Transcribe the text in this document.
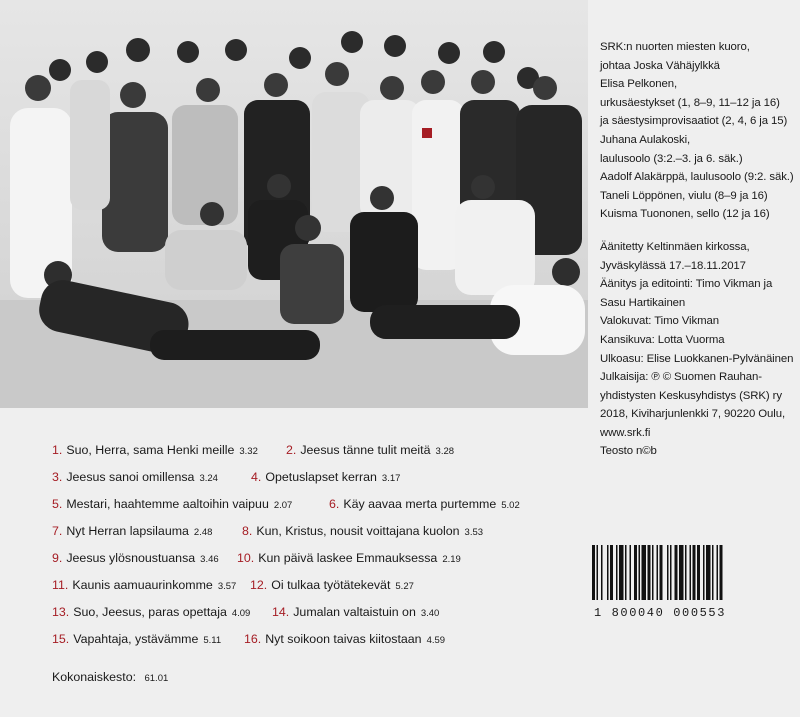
SRK:n nuorten miesten kuoro,
johtaa Joska Vähäjylkkä
Elisa Pelkonen,
urkusäestykset (1, 8–9, 11–12 ja 16)
ja säestysimprovisaatiot (2, 4, 6 ja 15)
Juhana Aulakoski,
laulusoolo (3:2.–3. ja 6. säk.)
Aadolf Alakärppä, laulusoolo (9:2. säk.)
Taneli Löppönen, viulu (8–9 ja 16)
Kuisma Tuononen, sello (12 ja 16)
Äänitetty Keltinmäen kirkossa,
Jyväskylässä 17.–18.11.2017
Äänitys ja editointi: Timo Vikman ja
Sasu Hartikainen
Valokuvat: Timo Vikman
Kansikuva: Lotta Vuorma
Ulkoasu: Elise Luokkanen-Pylvänäinen
Julkaisija: ℗ © Suomen Rauhan-
yhdistysten Keskusyhdistys (SRK) ry
2018, Kiviharjunlenkki 7, 90220 Oulu,
www.srk.fi
Teosto n©b
1. Suo, Herra, sama Henki meille 3.32 2. Jeesus tänne tulit meitä 3.28
3. Jeesus sanoi omillensa 3.24	4. Opetuslapset kerran 3.17
5. Mestari, haahtemme aaltoihin vaipuu 2.07	6. Käy aavaa merta purtemme 5.02
7. Nyt Herran lapsilauma 2.48 8. Kun, Kristus, nousit voittajana kuolon 3.53
9. Jeesus ylösnoustuansa 3.46 10. Kun päivä laskee Emmauksessa 2.19
11. Kaunis aamuaurinkomme 3.57 12. Oi tulkaa työtätekevät 5.27
13. Suo, Jeesus, paras opettaja 4.09 14. Jumalan valtaistuin on 3.40
15. Vapahtaja, ystävämme 5.11 16. Nyt soikoon taivas kiitostaan 4.59
Kokonaiskesto: 61.01
1 800040 000553
